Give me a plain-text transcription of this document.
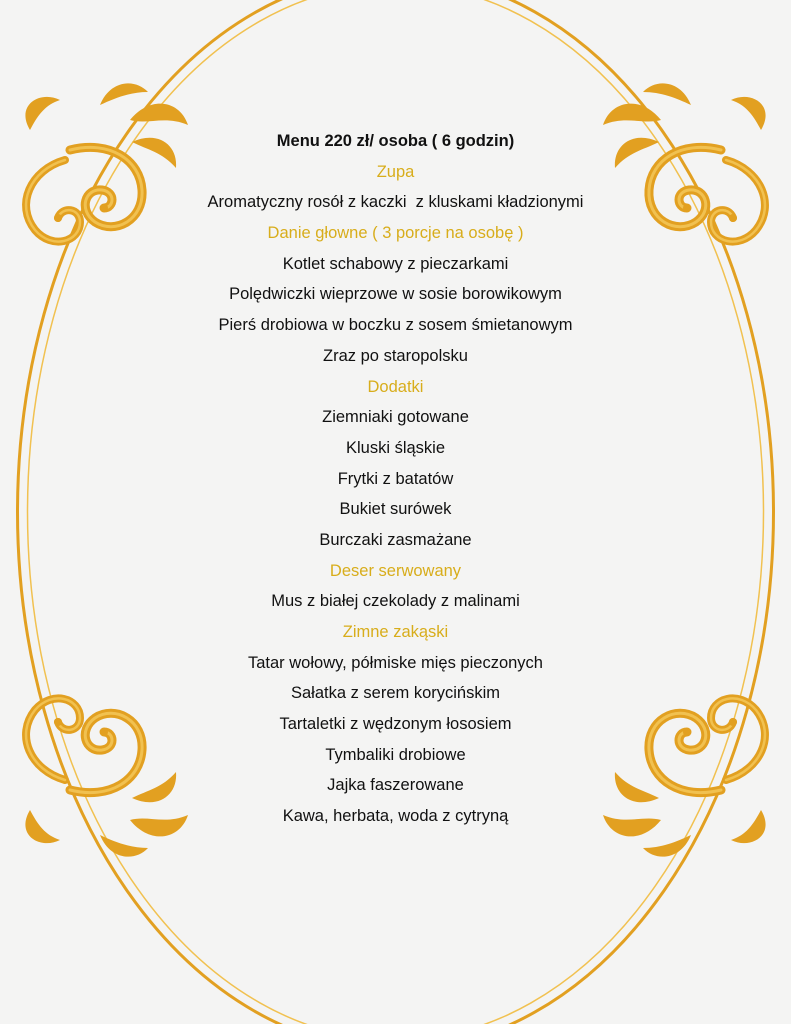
Menu 220 zł/ osoba ( 6 godzin)
Zupa
Aromatyczny rosół z kaczki  z kluskami kładzionymi
Danie głowne ( 3 porcje na osobę )
Kotlet schabowy z pieczarkami
Polędwiczki wieprzowe w sosie borowikowym
Pierś drobiowa w boczku z sosem śmietanowym
Zraz po staropolsku
Dodatki
Ziemniaki gotowane
Kluski śląskie
Frytki z batatów
Bukiet surówek
Burczaki zasmażane
Deser serwowany
Mus z białej czekolady z malinami
Zimne zakąski
Tatar wołowy, półmiske mięs pieczonych
Sałatka z serem korycińskim
Tartaletki z wędzonym łososiem
Tymbaliki drobiowe
Jajka faszerowane
Kawa, herbata, woda z cytryną
